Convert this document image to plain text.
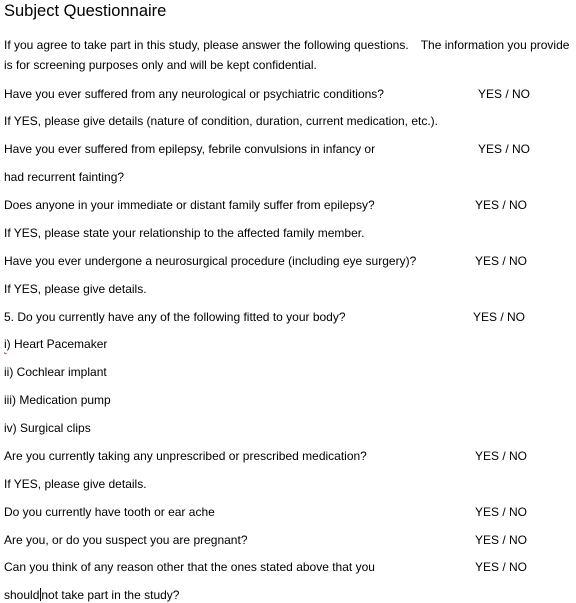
Subject Questionnaire
If you agree to take part in this study, please answer the following questions. The information you provide
is for screening purposes only and will be kept confidential.
Have you ever suffered from any neurological or psychiatric conditions?	YES / NO
If YES, please give details (nature of condition, duration, current medication, etc.).
Have you ever suffered from epilepsy, febrile convulsions in infancy or	YES / NO
had recurrent fainting?
Does anyone in your immediate or distant family suffer from epilepsy?	YES / NO
If YES, please state your relationship to the affected family member.
Have you ever undergone a neurosurgical procedure (including eye surgery)?	YES / NO
If YES, please give details.
5. Do you currently have any of the following fitted to your body?	YES / NO
i) Heart Pacemaker
ii) Cochlear implant
iii) Medication pump
iv) Surgical clips
Are you currently taking any unprescribed or prescribed medication?	YES / NO
If YES, please give details.
Do you currently have tooth or ear ache	YES / NO
Are you, or do you suspect you are pregnant?	YES / NO
Can you think of any reason other that the ones stated above that you	YES / NO
should not take part in the study?
